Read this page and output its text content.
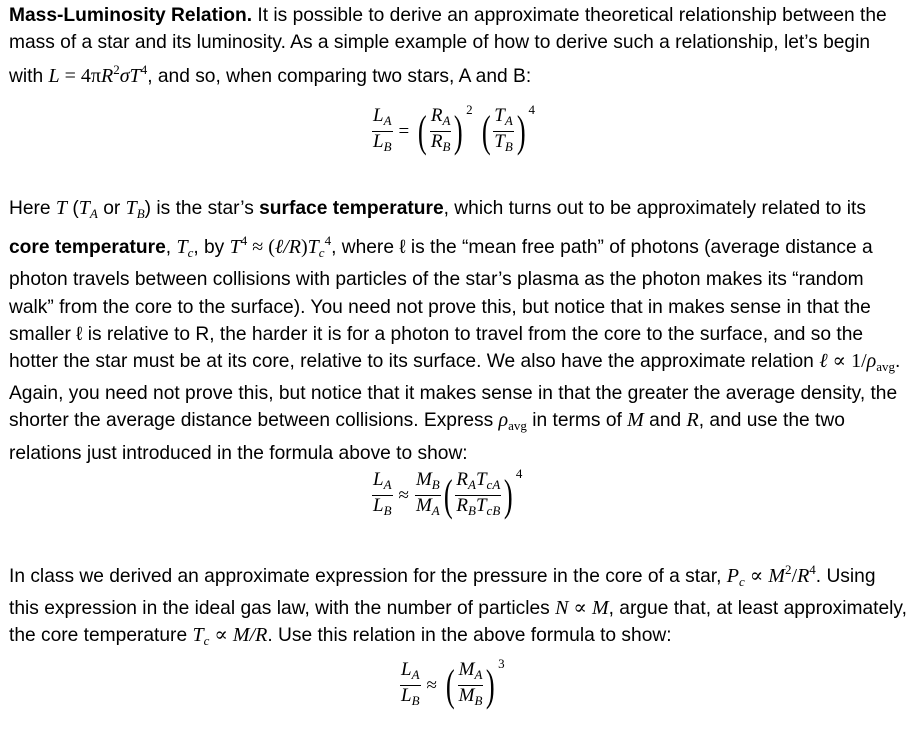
Mass-Luminosity Relation. It is possible to derive an approximate theoretical relationship between the mass of a star and its luminosity. As a simple example of how to derive such a relationship, let’s begin with $L = 4\pi R^2\sigma T^4$, and so, when comparing two stars, A and B:

$\frac{L_A}{L_B}$ = ( $\frac{R_A}{R_B}$ ) 2 ( $\frac{T_A}{T_B}$ ) 4

Here T ($T_A$ or $T_B$) is the star’s surface temperature, which turns out to be approximately related to its core temperature, $T_c$, by $T^4$ ≈ $(\ell/R)T_c^4$, where ℓ is the “mean free path” of photons (average distance a photon travels between collisions with particles of the star’s plasma as the photon makes its “random walk” from the core to the surface). You need not prove this, but notice that in makes sense in that the smaller ℓ is relative to R, the harder it is for a photon to travel from the core to the surface, and so the hotter the star must be at its core, relative to its surface. We also have the approximate relation ℓ ∝ $1/\rho_{avg}$. Again, you need not prove this, but notice that it makes sense in that the greater the average density, the shorter the average distance between collisions. Express $\rho_{avg}$ in terms of M and R, and use the two relations just introduced in the formula above to show:

$\frac{L_A}{L_B} \approx \frac{M_B}{M_A}$ ( $\frac{R_AT_{cA}}{R_BT_{cB}}$ ) 4

In class we derived an approximate expression for the pressure in the core of a star, $P_c \propto M^2/R^4$. Using this expression in the ideal gas law, with the number of particles N ∝ M, argue that, at least approximately, the core temperature $T_c \propto M/R$. Use this relation in the above formula to show:

$\frac{L_A}{L_B}$ ≈ ( $\frac{M_A}{M_B}$ ) 3
